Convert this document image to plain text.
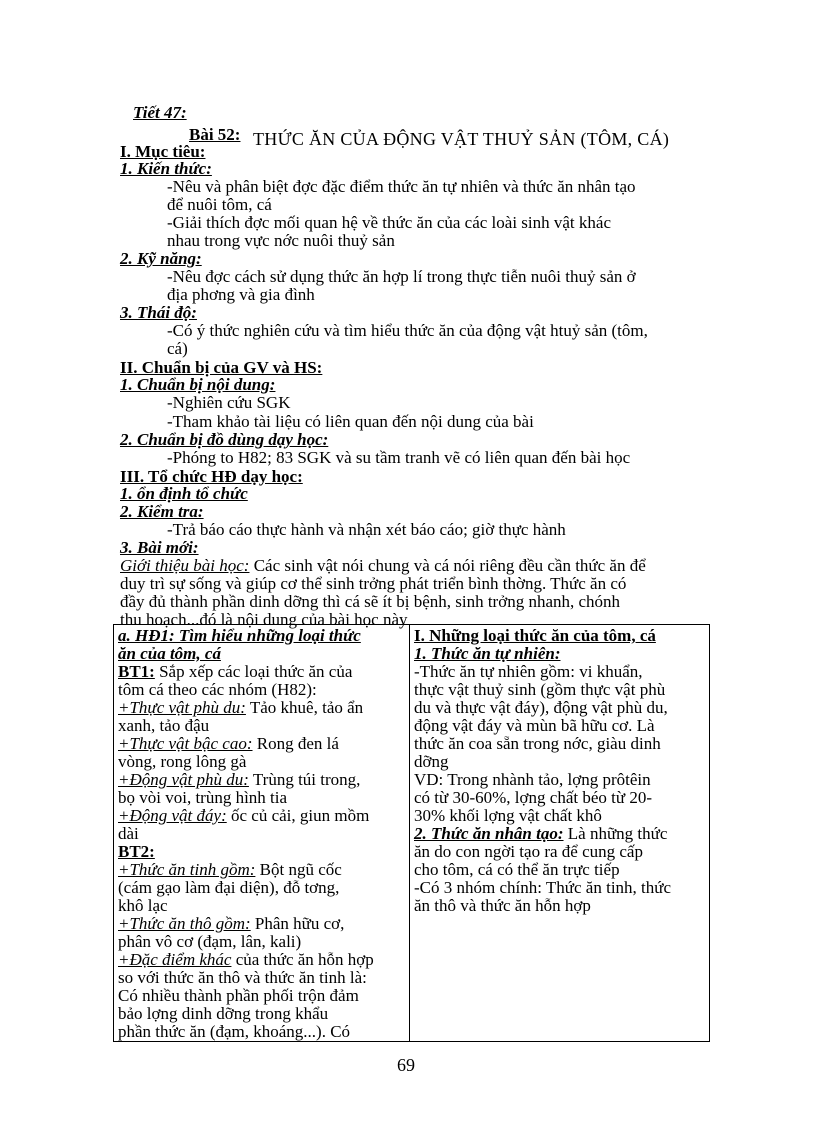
Tiết 47:
Bài 52: THỨC ĂN CỦA ĐỘNG VẬT THUỶ SẢN (TÔM, CÁ)
I. Mục tiêu:
1. Kiến thức:
-Nêu và phân biệt đợc đặc điểm thức ăn tự nhiên và thức ăn nhân tạo
để nuôi tôm, cá
-Giải thích đợc mối quan hệ về thức ăn của các loài sinh vật khác
nhau trong vực nớc nuôi thuỷ sản
2. Kỹ năng:
-Nêu đợc cách sử dụng thức ăn hợp lí trong thực tiễn nuôi thuỷ sản ở
địa phơng và gia đình
3. Thái độ:
-Có ý thức nghiên cứu và tìm hiểu thức ăn của động vật htuỷ sản (tôm,
cá)
II. Chuẩn bị của GV và HS:
1. Chuẩn bị nội dung:
-Nghiên cứu SGK
-Tham khảo tài liệu có liên quan đến nội dung của bài
2. Chuẩn bị đồ dùng dạy học:
-Phóng to H82; 83 SGK và su tầm tranh vẽ có liên quan đến bài học
III. Tổ chức HĐ dạy học:
1. ổn định tổ chức
2. Kiểm tra:
-Trả báo cáo thực hành và nhận xét báo cáo; giờ thực hành
3. Bài mới:
Giới thiệu bài học: Các sinh vật nói chung và cá nói riêng đều cần thức ăn để
duy trì sự sống và giúp cơ thể sinh trởng phát triển bình thờng. Thức ăn có
đầy đủ thành phần dinh dỡng thì cá sẽ ít bị bệnh, sinh trởng nhanh, chónh
thu hoạch...đó là nội dung của bài học này
a. HĐ1: Tìm hiểu những loại thức
ăn của tôm, cá
BT1: Sắp xếp các loại thức ăn của
tôm cá theo các nhóm (H82):
+Thực vật phù du: Tảo khuê, tảo ẩn
xanh, tảo đậu
+Thực vật bậc cao: Rong đen lá
vòng, rong lông gà
+Động vật phù du: Trùng túi trong,
bọ vòi voi, trùng hình tia
+Động vật đáy: ốc củ cải, giun mồm
dài
BT2:
+Thức ăn tinh gồm: Bột ngũ cốc
(cám gạo làm đại diện), đỗ tơng,
khô lạc
+Thức ăn thô gồm: Phân hữu cơ,
phân vô cơ (đạm, lân, kali)
+Đặc điểm khác của thức ăn hỗn hợp
so với thức ăn thô và thức ăn tinh là:
Có nhiều thành phần phối trộn đảm
bảo lợng dinh dỡng trong khẩu
phần thức ăn (đạm, khoáng...). Có

I. Những loại thức ăn của tôm, cá
1. Thức ăn tự nhiên:
-Thức ăn tự nhiên gồm: vi khuẩn,
thực vật thuỷ sinh (gồm thực vật phù
du và thực vật đáy), động vật phù du,
động vật đáy và mùn bã hữu cơ. Là
thức ăn coa sẵn trong nớc, giàu dinh
dỡng
VD: Trong nhành tảo, lợng prôtêin
có từ 30-60%, lợng chất béo từ 20-
30% khối lợng vật chất khô
2. Thức ăn nhân tạo: Là những thức
ăn do con ngời tạo ra để cung cấp
cho tôm, cá có thể ăn trực tiếp
-Có 3 nhóm chính: Thức ăn tinh, thức
ăn thô và thức ăn hỗn hợp
69
